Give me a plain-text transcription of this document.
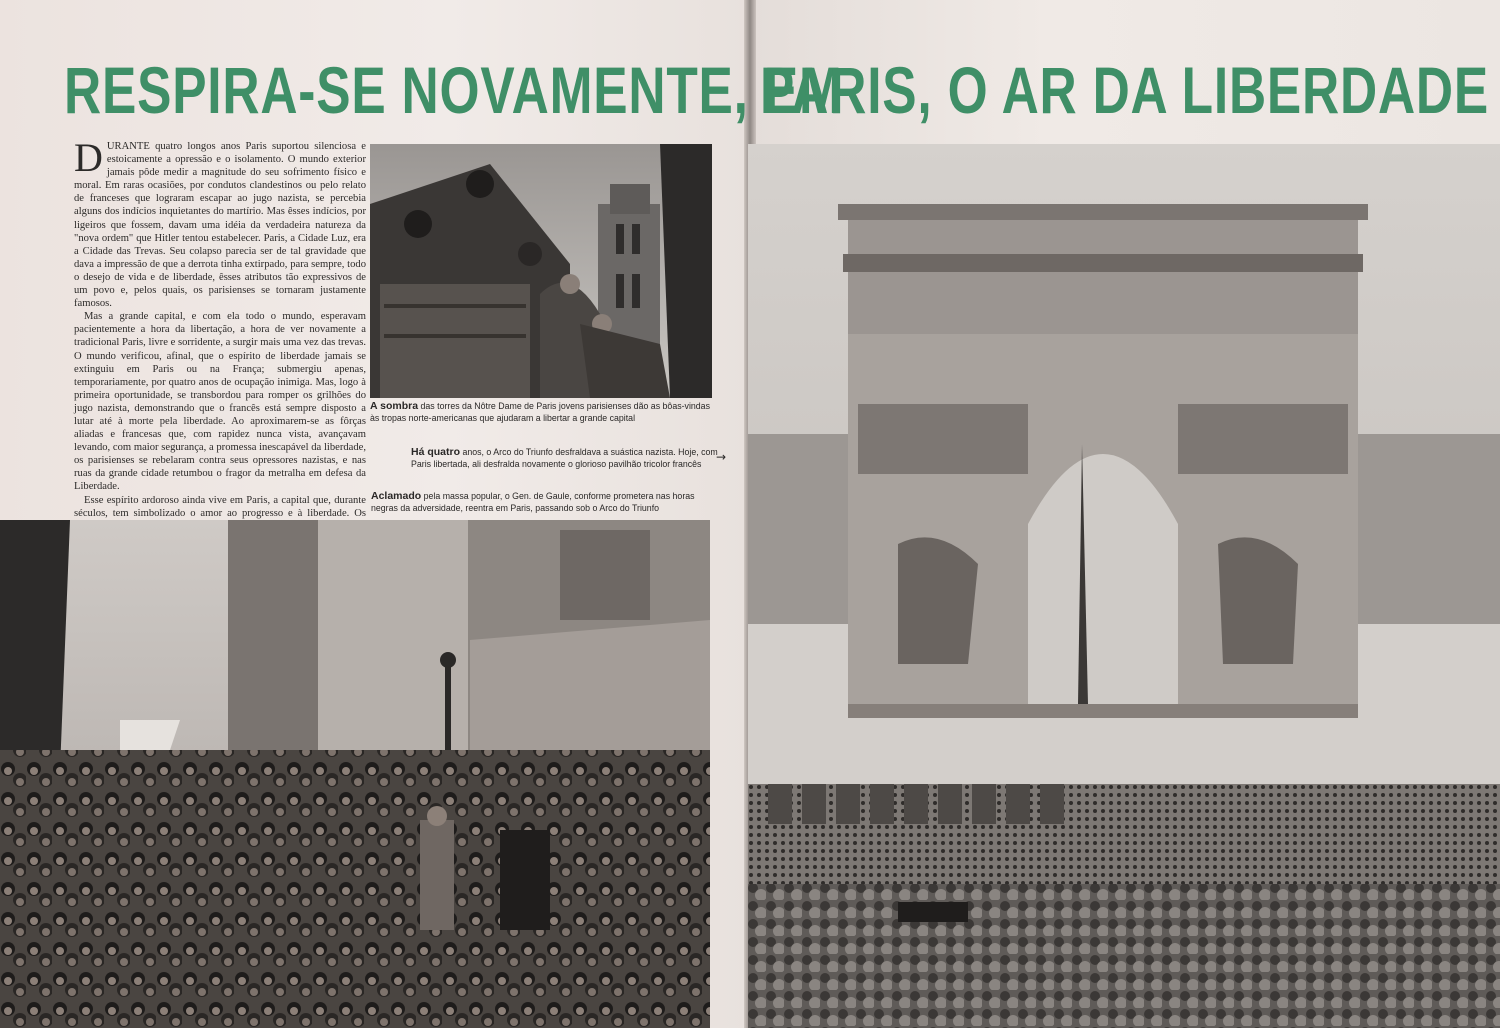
RESPIRA-SE NOVAMENTE, EM
PARIS, O AR DA LIBERDADE

DURANTE quatro longos anos Paris suportou silenciosa e estoicamente a opressão e o isolamento. O mundo exterior jamais pôde medir a magnitude do seu sofrimento físico e moral. Em raras ocasiões, por condutos clandestinos ou pelo relato de franceses que lograram escapar ao jugo nazista, se percebia alguns dos indícios inquietantes do martírio. Mas êsses indícios, por ligeiros que fossem, davam uma idéia da verdadeira natureza da "nova ordem" que Hitler tentou estabelecer. Paris, a Cidade Luz, era a Cidade das Trevas. Seu colapso parecia ser de tal gravidade que dava a impressão de que a derrota tinha extirpado, para sempre, todo o desejo de vida e de liberdade, êsses atributos tão expressivos de um povo e, pelos quais, os parisienses se tornaram justamente famosos.

Mas a grande capital, e com ela todo o mundo, esperavam pacientemente a hora da libertação, a hora de ver novamente a tradicional Paris, livre e sorridente, a surgir mais uma vez das trevas. O mundo verificou, afinal, que o espírito de liberdade jamais se extinguiu em Paris ou na França; submergiu apenas, temporariamente, por quatro anos de ocupação inimiga. Mas, logo à primeira oportunidade, se transbordou para romper os grilhões do jugo nazista, demonstrando que o francês está sempre disposto a lutar até à morte pela liberdade. Ao aproximarem-se as fôrças aliadas e francesas que, com rapidez nunca vista, avançavam levando, com maior segurança, a promessa inescapável da liberdade, os parisienses se rebelaram contra seus opressores nazistas, e nas ruas da grande cidade retumbou o fragor da metralha em defesa da Liberdade.

Esse espírito ardoroso ainda vive em Paris, a capital que, durante séculos, tem simbolizado o amor ao progresso e à liberdade. Os

A sombra das torres da Nôtre Dame de Paris jovens parisienses dão as bôas-vindas às tropas norte-americanas que ajudaram a libertar a grande capital

Há quatro anos, o Arco do Triunfo desfraldava a suástica nazista. Hoje, com Paris libertada, ali desfralda novamente o glorioso pavilhão tricolor francês	→

Aclamado pela massa popular, o Gen. de Gaule, conforme prometera nas horas negras da adversidade, reentra em Paris, passando sob o Arco do Triunfo
